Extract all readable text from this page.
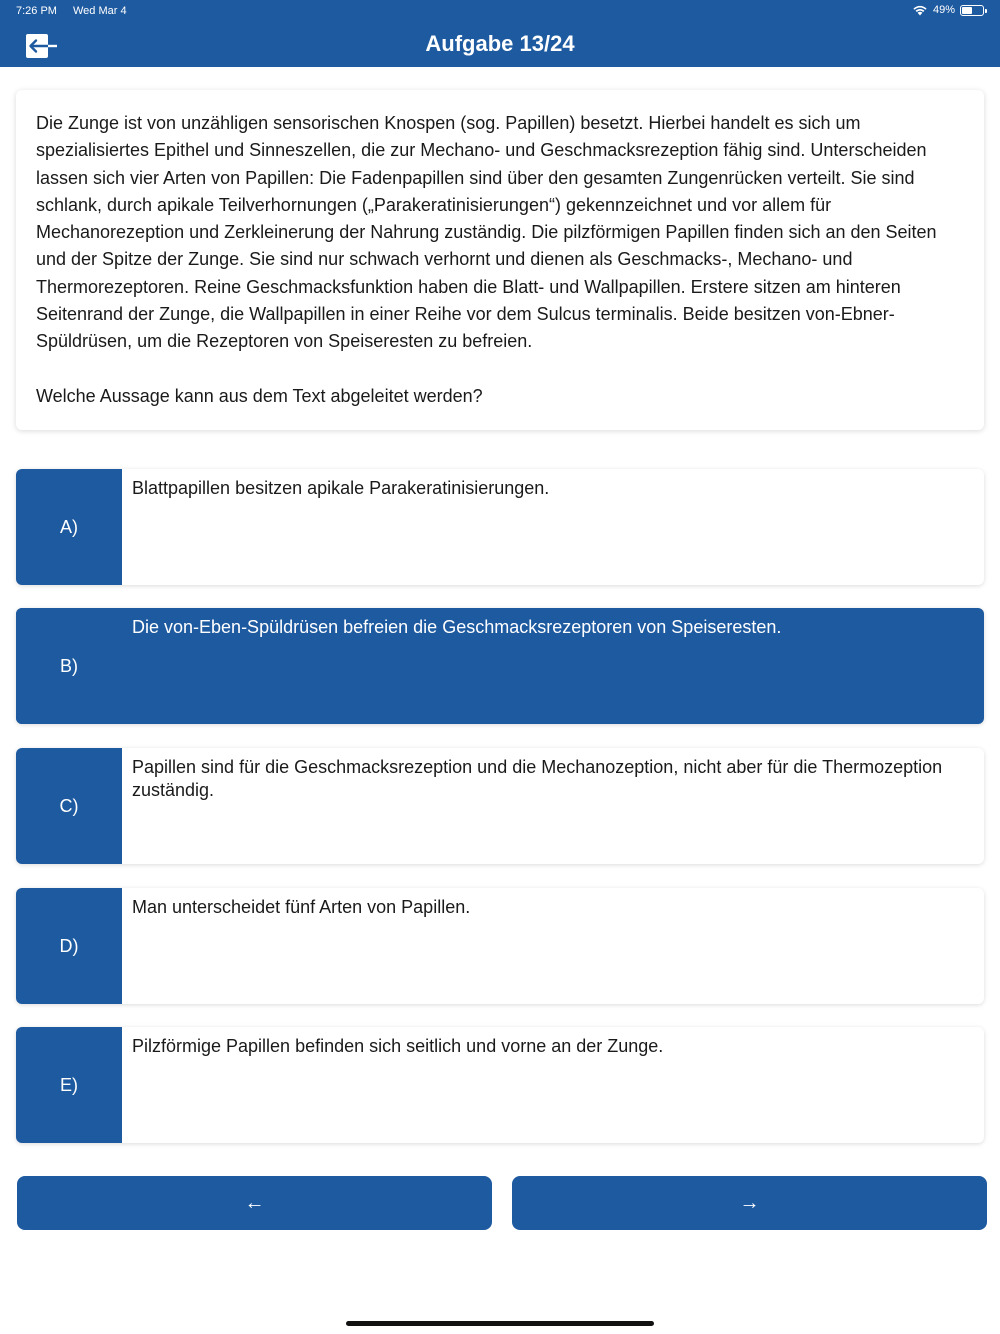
7:26 PM Wed Mar 4	49%
Aufgabe 13/24

Die Zunge ist von unzähligen sensorischen Knospen (sog. Papillen) besetzt. Hierbei handelt es sich um spezialisiertes Epithel und Sinneszellen, die zur Mechano- und Geschmacksrezeption fähig sind. Unterscheiden lassen sich vier Arten von Papillen: Die Fadenpapillen sind über den gesamten Zungenrücken verteilt. Sie sind schlank, durch apikale Teilverhornungen („Parakeratinisierungen“) gekennzeichnet und vor allem für Mechanorezeption und Zerkleinerung der Nahrung zuständig. Die pilzförmigen Papillen finden sich an den Seiten und der Spitze der Zunge. Sie sind nur schwach verhornt und dienen als Geschmacks-, Mechano- und Thermorezeptoren. Reine Geschmacksfunktion haben die Blatt- und Wallpapillen. Erstere sitzen am hinteren Seitenrand der Zunge, die Wallpapillen in einer Reihe vor dem Sulcus terminalis. Beide besitzen von-Ebner-Spüldrüsen, um die Rezeptoren von Speiseresten zu befreien.

Welche Aussage kann aus dem Text abgeleitet werden?

A)
Blattpapillen besitzen apikale Parakeratinisierungen.
B)
Die von-Eben-Spüldrüsen befreien die Geschmacksrezeptoren von Speiseresten.
C)
Papillen sind für die Geschmacksrezeption und die Mechanozeption, nicht aber für die Thermozeption zuständig.
D)
Man unterscheidet fünf Arten von Papillen.
E)
Pilzförmige Papillen befinden sich seitlich und vorne an der Zunge.
←	→
